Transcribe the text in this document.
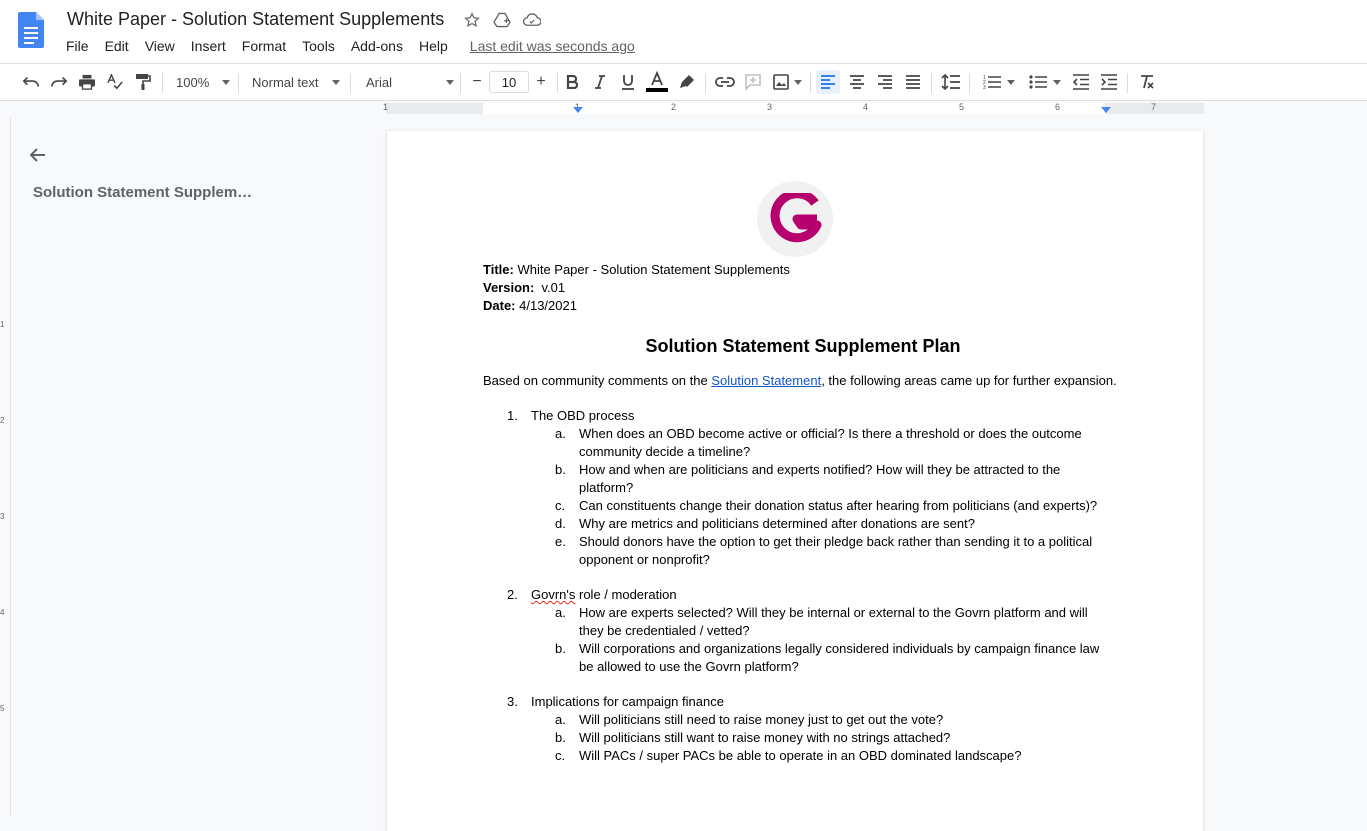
White Paper - Solution Statement Supplements
File	Edit	View	Insert	Format	Tools	Add-ons	Help	Last edit was seconds ago
100%	Normal text	Arial	−	10	+	1
2
3
1	1	2	3	4	5	6	7
1
2
3
4
5
Solution Statement Supplem…
Title: White Paper - Solution Statement Supplements
Version:  v.01
Date: 4/13/2021
Solution Statement Supplement Plan
Based on community comments on the Solution Statement, the following areas came up for further expansion.
1.	The OBD process
a.	When does an OBD become active or official? Is there a threshold or does the outcome community decide a timeline?
b.	How and when are politicians and experts notified? How will they be attracted to the platform?
c.	Can constituents change their donation status after hearing from politicians (and experts)?
d.	Why are metrics and politicians determined after donations are sent?
e.	Should donors have the option to get their pledge back rather than sending it to a political opponent or nonprofit?
2.	Govrn's role / moderation
a.	How are experts selected? Will they be internal or external to the Govrn platform and will they be credentialed / vetted?
b.	Will corporations and organizations legally considered individuals by campaign finance law be allowed to use the Govrn platform?
3.	Implications for campaign finance
a.	Will politicians still need to raise money just to get out the vote?
b.	Will politicians still want to raise money with no strings attached?
c.	Will PACs / super PACs be able to operate in an OBD dominated landscape?
